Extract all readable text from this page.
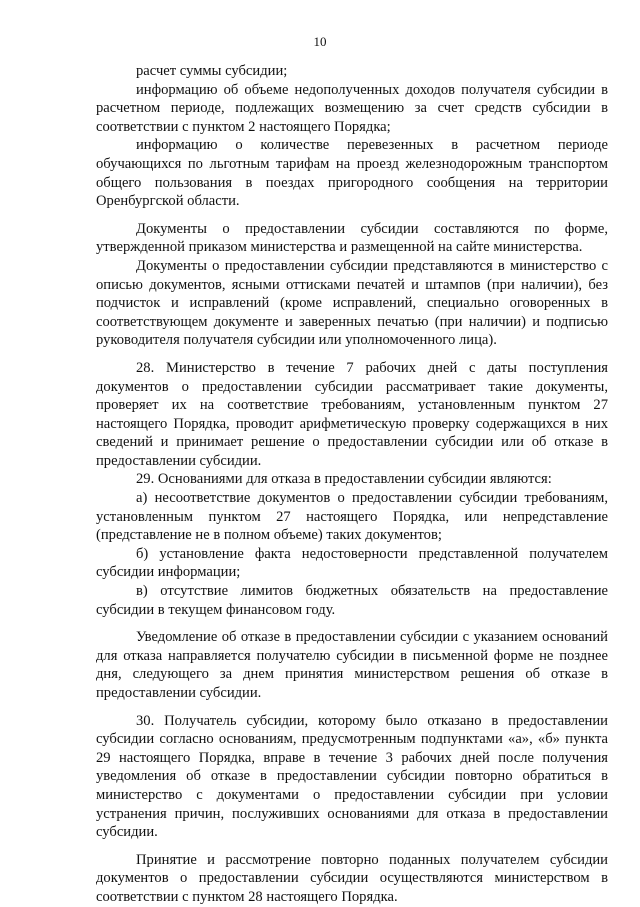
10

расчет суммы субсидии;

информацию об объеме недополученных доходов получателя субсидии в расчетном периоде, подлежащих возмещению за счет средств субсидии в соответствии с пунктом 2 настоящего Порядка;

информацию о количестве перевезенных в расчетном периоде обучающихся по льготным тарифам на проезд железнодорожным транспортом общего пользования в поездах пригородного сообщения на территории Оренбургской области.

Документы о предоставлении субсидии составляются по форме, утвержденной приказом министерства и размещенной на сайте министерства.

Документы о предоставлении субсидии представляются в министерство с описью документов, ясными оттисками печатей и штампов (при наличии), без подчисток и исправлений (кроме исправлений, специально оговоренных в соответствующем документе и заверенных печатью (при наличии) и подписью руководителя получателя субсидии или уполномоченного лица).

28. Министерство в течение 7 рабочих дней с даты поступления документов о предоставлении субсидии рассматривает такие документы, проверяет их на соответствие требованиям, установленным пунктом 27 настоящего Порядка, проводит арифметическую проверку содержащихся в них сведений и принимает решение о предоставлении субсидии или об отказе в предоставлении субсидии.

29. Основаниями для отказа в предоставлении субсидии являются:

а) несоответствие документов о предоставлении субсидии требованиям, установленным пунктом 27 настоящего Порядка, или непредставление (представление не в полном объеме) таких документов;

б) установление факта недостоверности представленной получателем субсидии информации;

в) отсутствие лимитов бюджетных обязательств на предоставление субсидии в текущем финансовом году.

Уведомление об отказе в предоставлении субсидии с указанием оснований для отказа направляется получателю субсидии в письменной форме не позднее дня, следующего за днем принятия министерством решения об отказе в предоставлении субсидии.

30. Получатель субсидии, которому было отказано в предоставлении субсидии согласно основаниям, предусмотренным подпунктами «а», «б» пункта 29 настоящего Порядка, вправе в течение 3 рабочих дней после получения уведомления об отказе в предоставлении субсидии повторно обратиться в министерство с документами о предоставлении субсидии при условии устранения причин, послуживших основаниями для отказа в предоставлении субсидии.

Принятие и рассмотрение повторно поданных получателем субсидии документов о предоставлении субсидии осуществляются министерством в соответствии с пунктом 28 настоящего Порядка.
